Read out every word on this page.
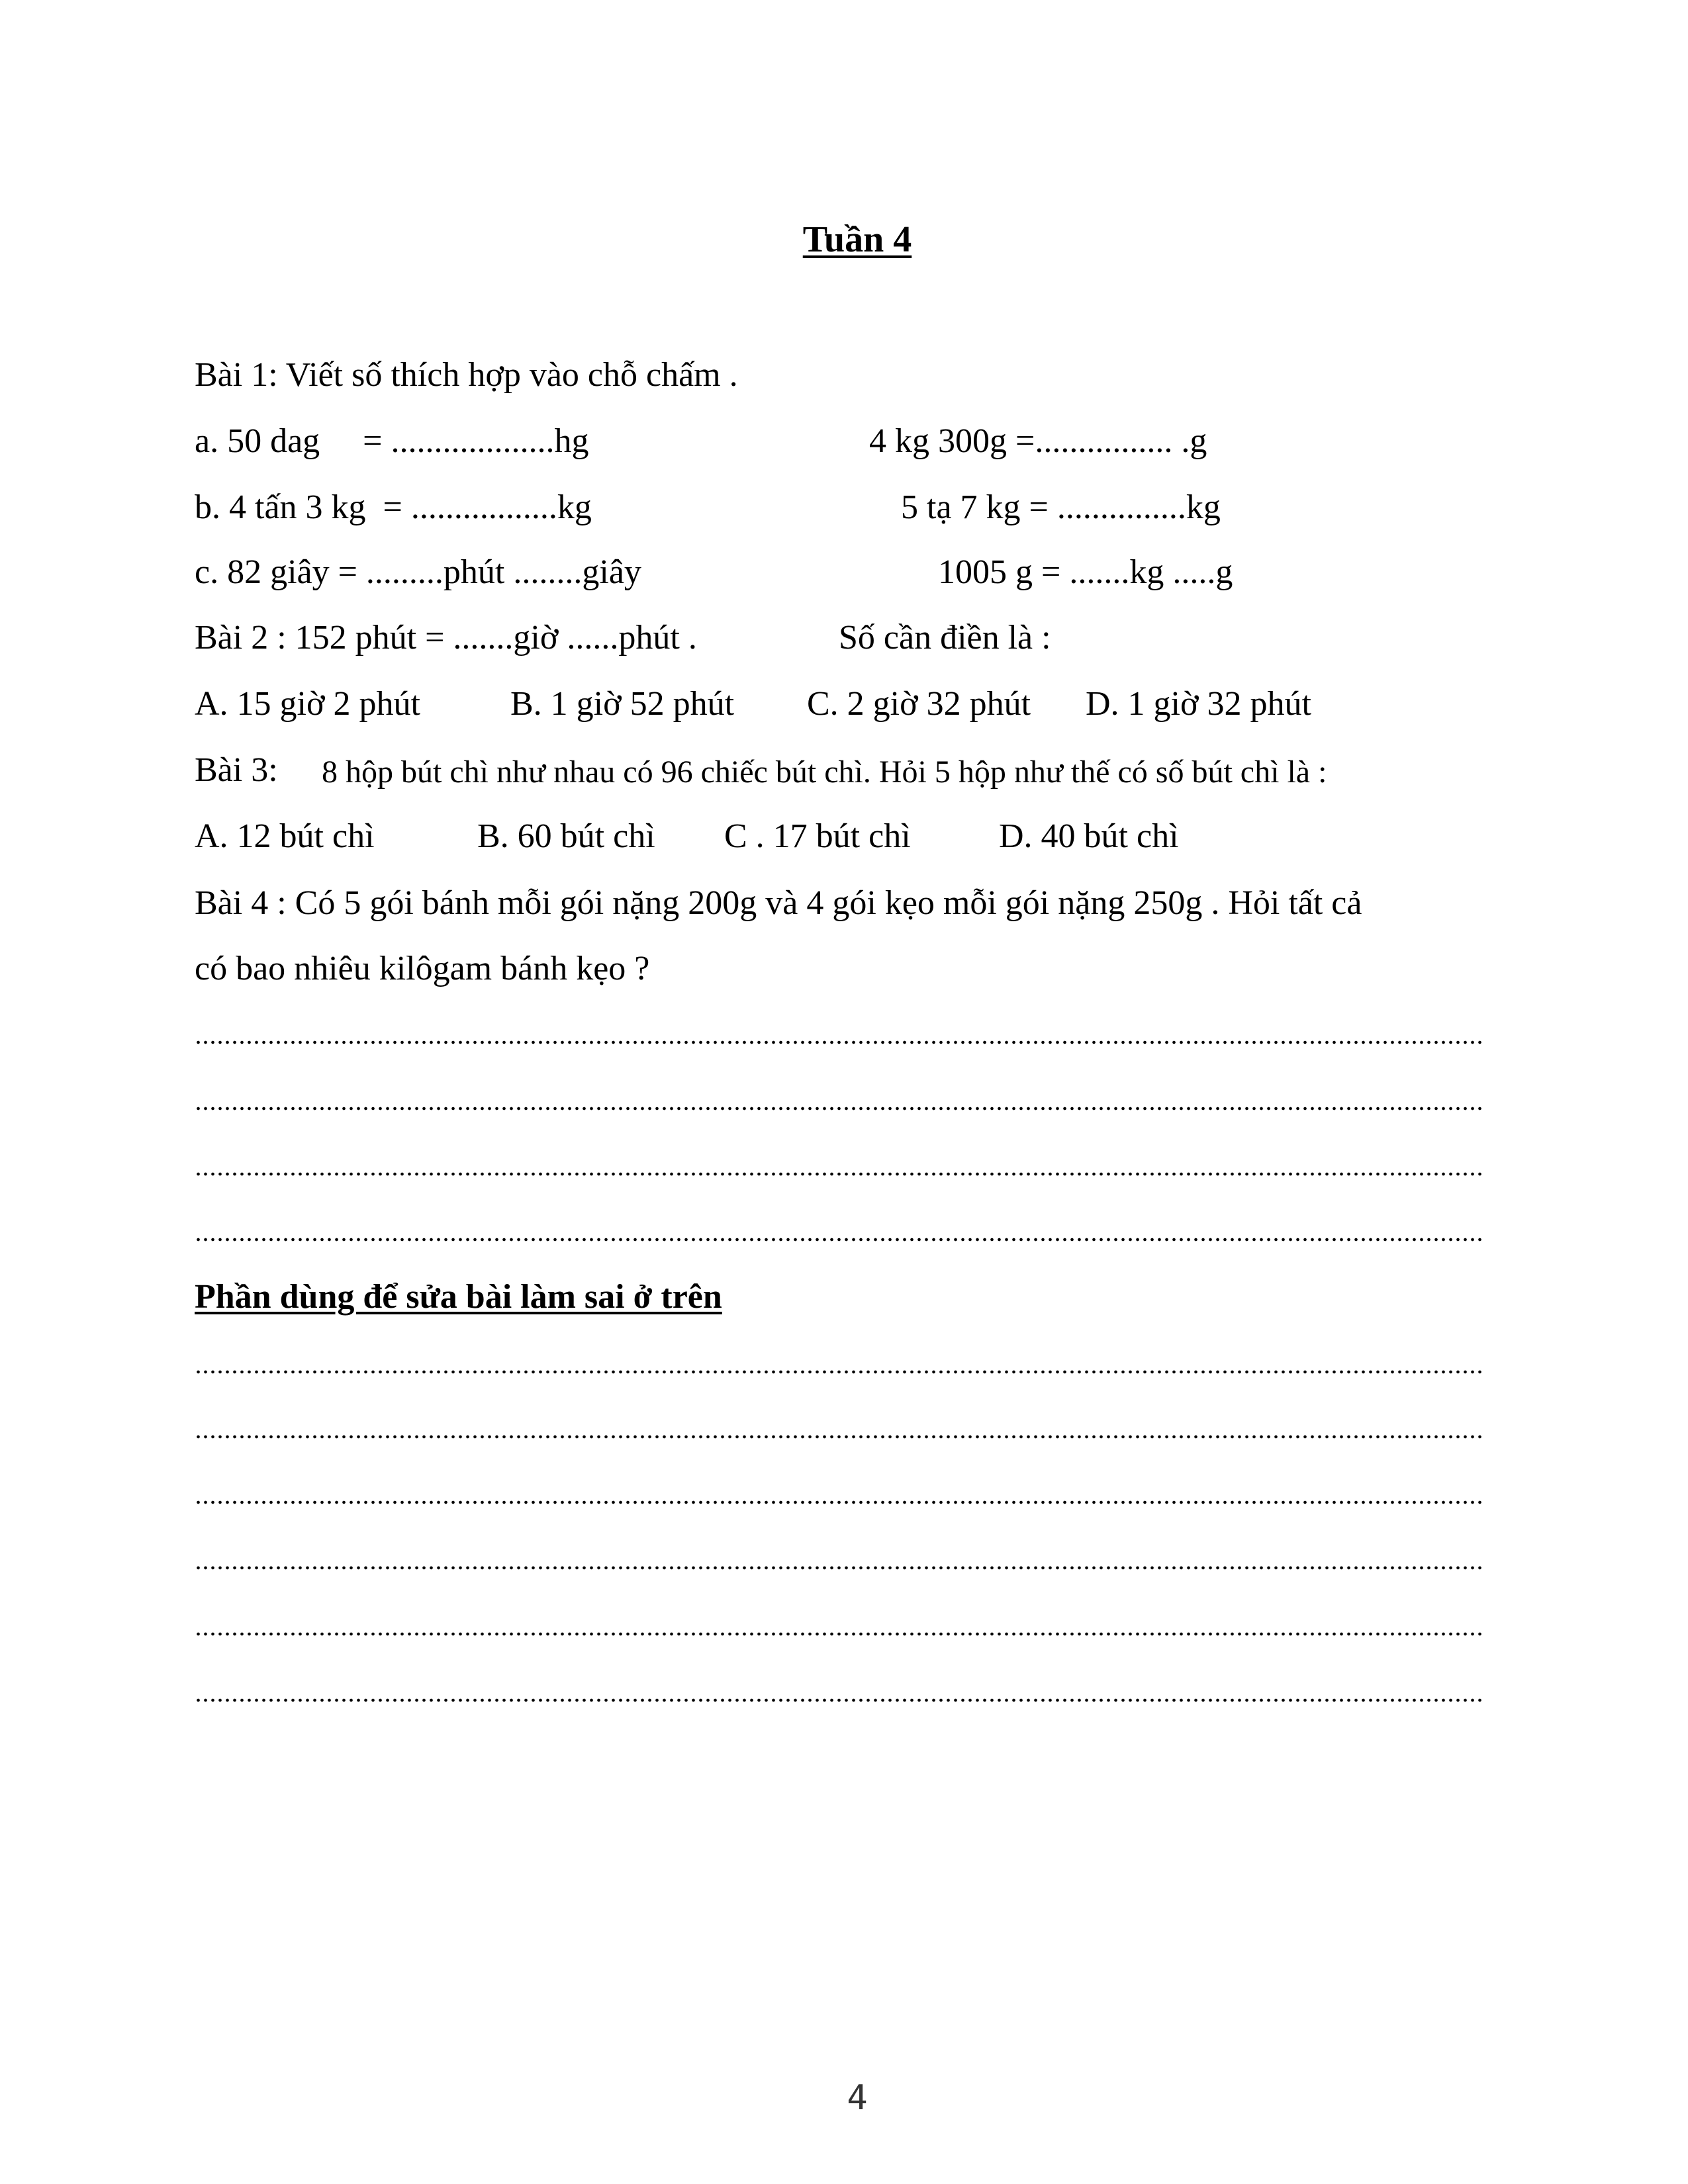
Tuần 4
Bài 1: Viết số thích hợp vào chỗ chấm .
a. 50 dag     = ...................hg	4 kg 300g =................ .g
b. 4 tấn 3 kg  = .................kg	5 tạ 7 kg = ...............kg
c. 82 giây = .........phút ........giây	1005 g = .......kg .....g
Bài 2 : 152 phút = .......giờ ......phút .	Số cần điền là :
A. 15 giờ 2 phút	B. 1 giờ 52 phút C. 2 giờ 32 phút D. 1 giờ 32 phút
Bài 3: 8 hộp bút chì như nhau có 96 chiếc bút chì. Hỏi 5 hộp như thế có số bút chì là :
A. 12 bút chì	B. 60 bút chì C . 17 bút chì	D. 40 bút chì
Bài 4 : Có 5 gói bánh mỗi gói nặng 200g và 4 gói kẹo mỗi gói nặng 250g . Hỏi tất cả
có bao nhiêu kilôgam bánh kẹo ?
Phần dùng để sửa bài làm sai ở trên
4
